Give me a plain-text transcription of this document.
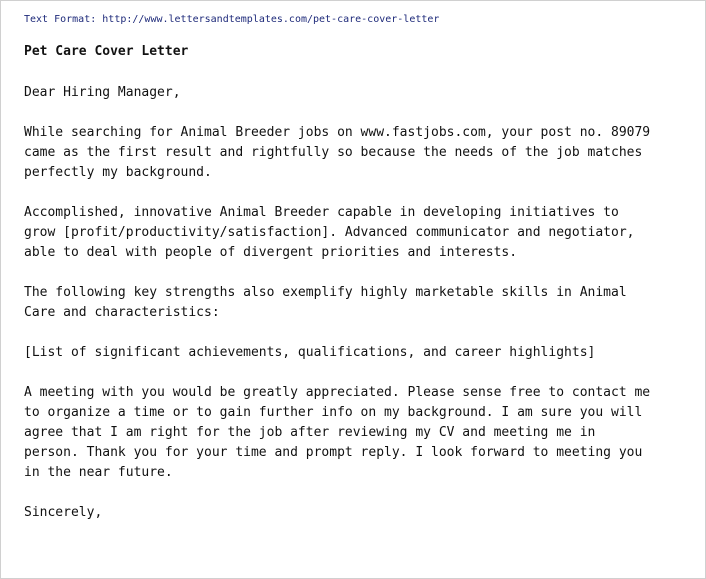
Text Format: http://www.lettersandtemplates.com/pet-care-cover-letter
Pet Care Cover Letter
Dear Hiring Manager,
While searching for Animal Breeder jobs on www.fastjobs.com, your post no. 89079
came as the first result and rightfully so because the needs of the job matches
perfectly my background.
Accomplished, innovative Animal Breeder capable in developing initiatives to
grow [profit/productivity/satisfaction]. Advanced communicator and negotiator,
able to deal with people of divergent priorities and interests.
The following key strengths also exemplify highly marketable skills in Animal
Care and characteristics:
[List of significant achievements, qualifications, and career highlights]
A meeting with you would be greatly appreciated. Please sense free to contact me
to organize a time or to gain further info on my background. I am sure you will
agree that I am right for the job after reviewing my CV and meeting me in
person. Thank you for your time and prompt reply. I look forward to meeting you
in the near future.
Sincerely,
